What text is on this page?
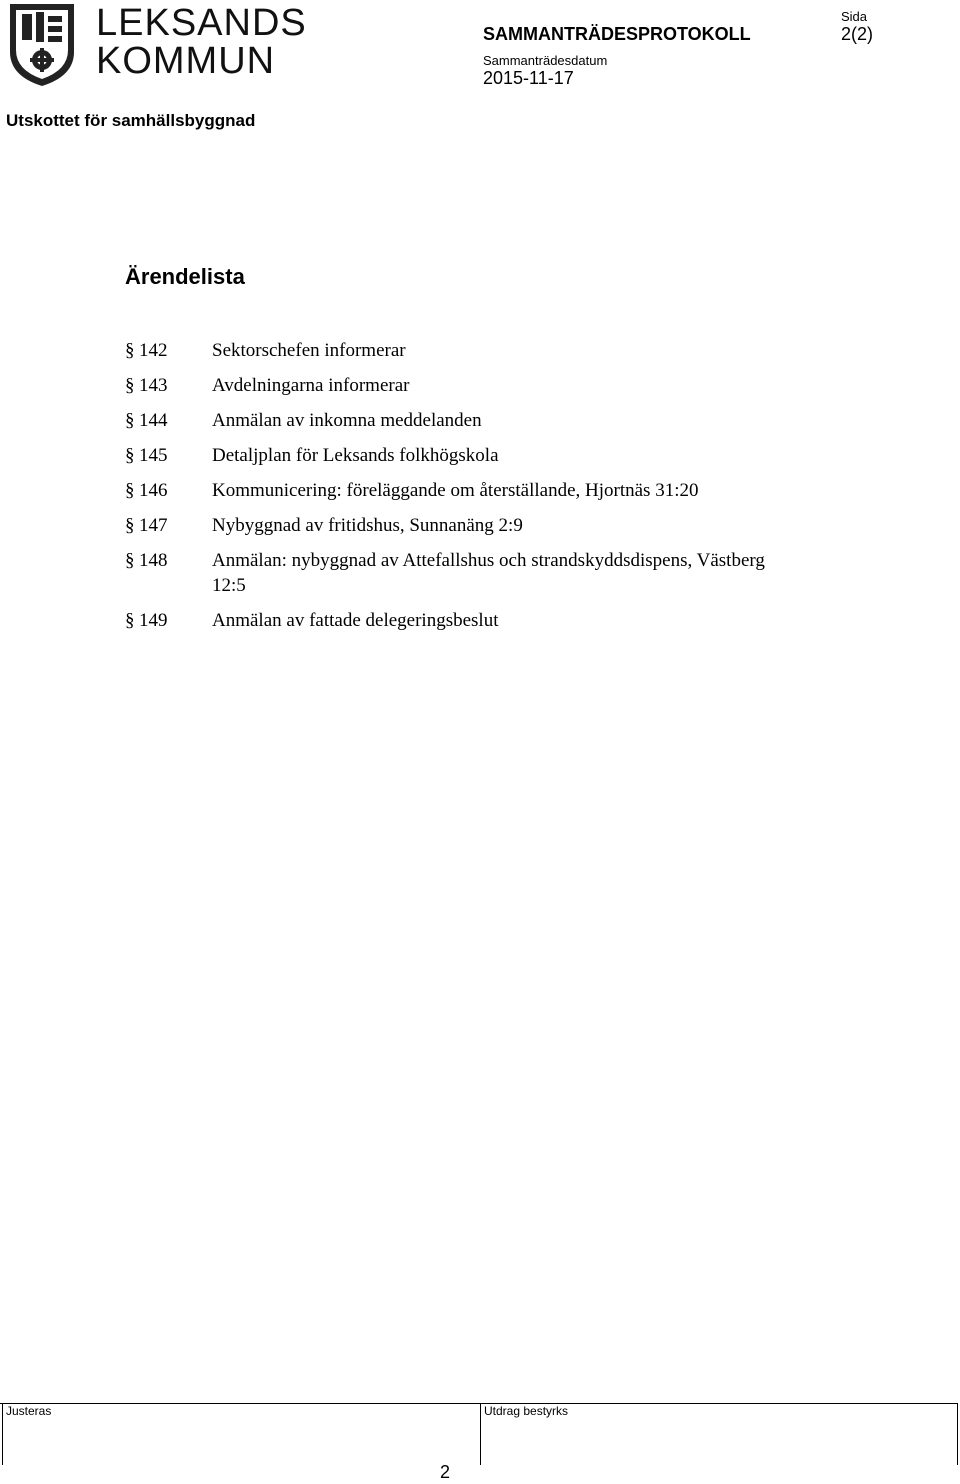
LEKSANDS
KOMMUN
SAMMANTRÄDESPROTOKOLL
Sida
2(2)
Sammanträdesdatum
2015-11-17
Utskottet för samhällsbyggnad
Ärendelista
§ 142	Sektorschefen informerar
§ 143	Avdelningarna informerar
§ 144	Anmälan av inkomna meddelanden
§ 145	Detaljplan för Leksands folkhögskola
§ 146	Kommunicering: föreläggande om återställande, Hjortnäs 31:20
§ 147	Nybyggnad av fritidshus, Sunnanäng 2:9
§ 148	Anmälan: nybyggnad av Attefallshus och strandskyddsdispens, Västberg 12:5
§ 149	Anmälan av fattade delegeringsbeslut
Justeras	Utdrag bestyrks
2
